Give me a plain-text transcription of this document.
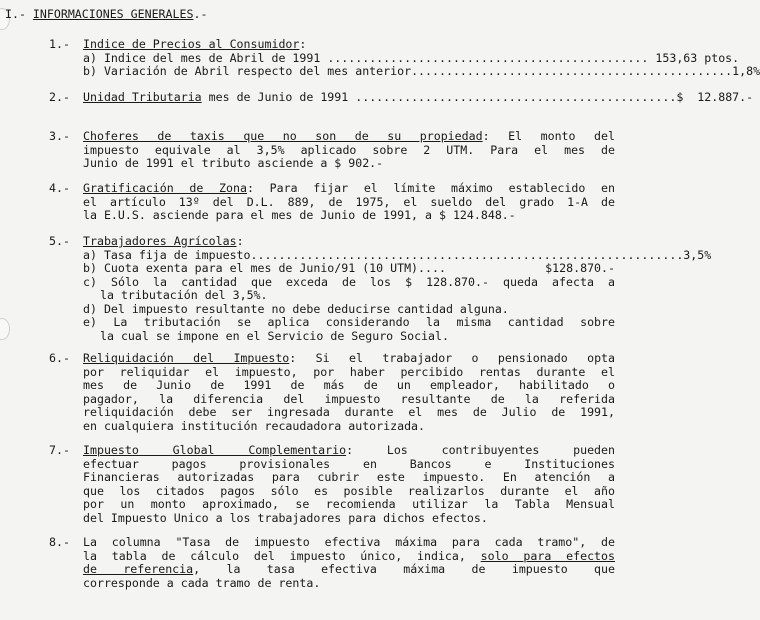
I.- INFORMACIONES GENERALES.-
1.- Indice de Precios al Consumidor:
a) Indice del mes de Abril de 1991 .............................................. 153,63 ptos.
b) Variación de Abril respecto del mes anterior .............................................. 1,8%
2.- Unidad Tributaria mes de Junio de 1991 .............................................. $  12.887.-
3.- Choferes de taxis que no son de su propiedad: El monto del
impuesto equivale al 3,5% aplicado sobre 2 UTM. Para el mes de
Junio de 1991 el tributo asciende a $ 902.-
4.- Gratificación de Zona: Para fijar el límite máximo establecido en
el artículo 13º del D.L. 889, de 1975, el sueldo del grado 1-A de
la E.U.S. asciende para el mes de Junio de 1991, a $ 124.848.-
5.- Trabajadores Agrícolas:
a) Tasa fija de impuesto .............................................................. 3,5%
b) Cuota exenta para el mes de Junio/91 (10 UTM) ....	$128.870.-
c) Sólo la cantidad que exceda de los $ 128.870.- queda afecta a
la tributación del 3,5%.
d) Del impuesto resultante no debe deducirse cantidad alguna.
e) La tributación se aplica considerando la misma cantidad sobre
la cual se impone en el Servicio de Seguro Social.
6.- Reliquidación del Impuesto: Si el trabajador o pensionado opta
por reliquidar el impuesto, por haber percibido rentas durante el
mes de Junio de 1991 de más de un empleador, habilitado o
pagador, la diferencia del impuesto resultante de la referida
reliquidación debe ser ingresada durante el mes de Julio de 1991,
en cualquiera institución recaudadora autorizada.
7.- Impuesto Global Complementario: Los contribuyentes pueden
efectuar pagos provisionales en Bancos e Instituciones
Financieras autorizadas para cubrir este impuesto. En atención a
que los citados pagos sólo es posible realizarlos durante el año
por un monto aproximado, se recomienda utilizar la Tabla Mensual
del Impuesto Unico a los trabajadores para dichos efectos.
8.- La columna "Tasa de impuesto efectiva máxima para cada tramo", de
la tabla de cálculo del impuesto único, indica, solo para efectos
de referencia, la tasa efectiva máxima de impuesto que
corresponde a cada tramo de renta.
